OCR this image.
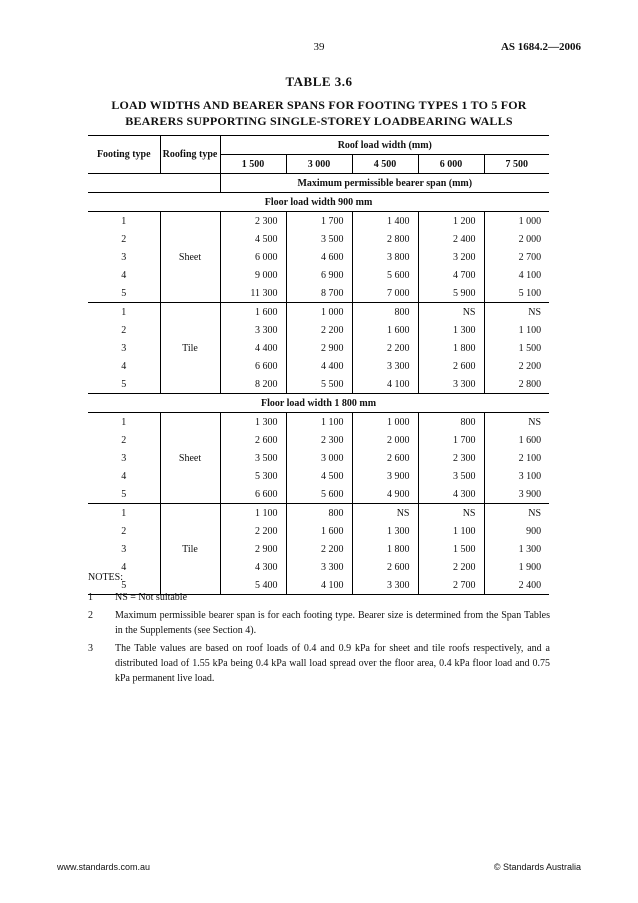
39	AS 1684.2—2006
TABLE 3.6
LOAD WIDTHS AND BEARER SPANS FOR FOOTING TYPES 1 TO 5 FOR
BEARERS SUPPORTING SINGLE-STOREY LOADBEARING WALLS
Footing type	Roofing type	Roof load width (mm)				
		1 500	3 000	4 500	6 000	7 500
		Maximum permissible bearer span (mm)				
Floor load width 900 mm						
1		2 300	1 700	1 400	1 200	1 000
2		4 500	3 500	2 800	2 400	2 000
3	Sheet	6 000	4 600	3 800	3 200	2 700
4		9 000	6 900	5 600	4 700	4 100
5		11 300	8 700	7 000	5 900	5 100
1		1 600	1 000	800	NS	NS
2		3 300	2 200	1 600	1 300	1 100
3	Tile	4 400	2 900	2 200	1 800	1 500
4		6 600	4 400	3 300	2 600	2 200
5		8 200	5 500	4 100	3 300	2 800
Floor load width 1 800 mm						
1		1 300	1 100	1 000	800	NS
2		2 600	2 300	2 000	1 700	1 600
3	Sheet	3 500	3 000	2 600	2 300	2 100
4		5 300	4 500	3 900	3 500	3 100
5		6 600	5 600	4 900	4 300	3 900
1		1 100	800	NS	NS	NS
2		2 200	1 600	1 300	1 100	900
3	Tile	2 900	2 200	1 800	1 500	1 300
4		4 300	3 300	2 600	2 200	1 900
5		5 400	4 100	3 300	2 700	2 400
NOTES:
1	NS = Not suitable
2	Maximum permissible bearer span is for each footing type. Bearer size is determined from the Span Tables in the Supplements (see Section 4).
3	The Table values are based on roof loads of 0.4 and 0.9 kPa for sheet and tile roofs respectively, and a distributed load of 1.55 kPa being 0.4 kPa wall load spread over the floor area, 0.4 kPa floor load and 0.75 kPa permanent live load.
www.standards.com.au	© Standards Australia
